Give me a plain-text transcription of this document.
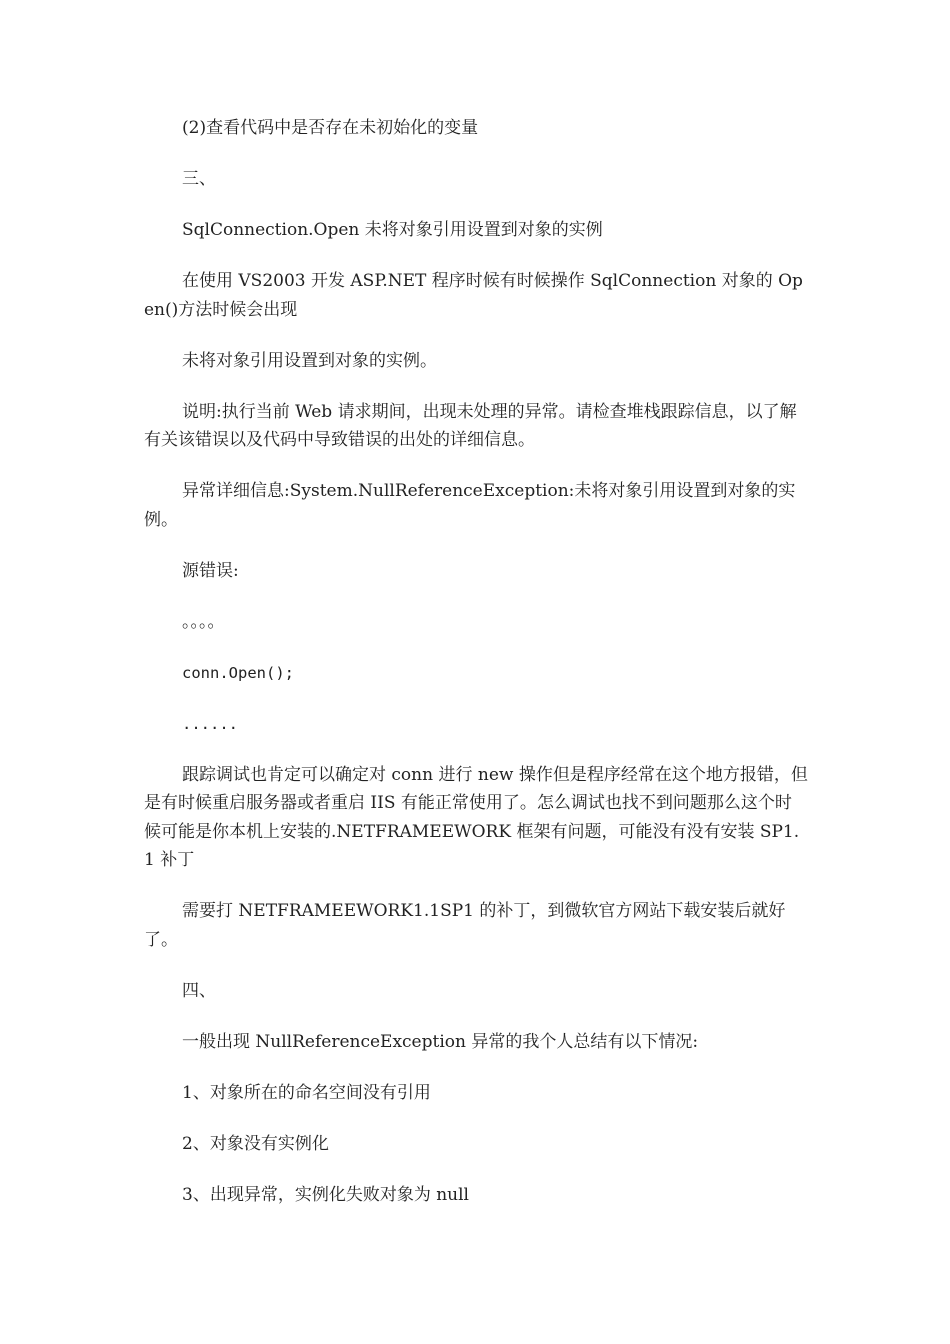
(2)查看代码中是否存在未初始化的变量

三、

SqlConnection.Open 未将对象引用设置到对象的实例

在使用 VS2003 开发 ASP.NET 程序时候有时候操作 SqlConnection 对象的 Open()方法时候会出现

未将对象引用设置到对象的实例。

说明:执行当前 Web 请求期间，出现未处理的异常。请检查堆栈跟踪信息，以了解有关该错误以及代码中导致错误的出处的详细信息。

异常详细信息:System.NullReferenceException:未将对象引用设置到对象的实例。

源错误:

。。。。

conn.Open();

......

跟踪调试也肯定可以确定对 conn 进行 new 操作但是程序经常在这个地方报错，但是有时候重启服务器或者重启 IIS 有能正常使用了。怎么调试也找不到问题那么这个时候可能是你本机上安装的.NETFRAMEEWORK 框架有问题，可能没有没有安装 SP1.1 补丁

需要打 NETFRAMEEWORK1.1SP1 的补丁，到微软官方网站下载安装后就好了。

四、

一般出现 NullReferenceException 异常的我个人总结有以下情况:

1、对象所在的命名空间没有引用

2、对象没有实例化

3、出现异常，实例化失败对象为 null
